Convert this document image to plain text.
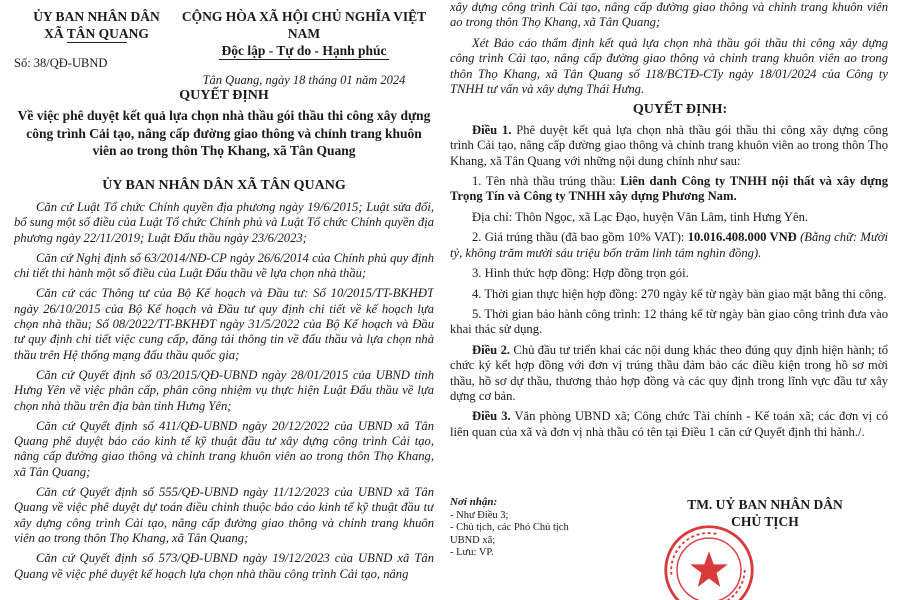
ỦY BAN NHÂN DÂN
XÃ TÂN QUANG
Số: 38/QĐ-UBND
CỘNG HÒA XÃ HỘI CHỦ NGHĨA VIỆT NAM
Độc lập - Tự do - Hạnh phúc
Tân Quang, ngày 18 tháng 01 năm 2024
QUYẾT ĐỊNH
Về việc phê duyệt kết quả lựa chọn nhà thầu gói thầu thi công xây dựng công trình Cải tạo, nâng cấp đường giao thông và chỉnh trang khuôn viên ao trong thôn Thọ Khang, xã Tân Quang
ỦY BAN NHÂN DÂN XÃ TÂN QUANG

Căn cứ Luật Tổ chức Chính quyền địa phương ngày 19/6/2015; Luật sửa đổi, bổ sung một số điều của Luật Tổ chức Chính phủ và Luật Tổ chức Chính quyền địa phương ngày 22/11/2019; Luật Đấu thầu ngày 23/6/2023;

Căn cứ Nghị định số 63/2014/NĐ-CP ngày 26/6/2014 của Chính phủ quy định chi tiết thi hành một số điều của Luật Đấu thầu về lựa chọn nhà thầu;

Căn cứ các Thông tư của Bộ Kế hoạch và Đầu tư: Số 10/2015/TT-BKHĐT ngày 26/10/2015 của Bộ Kế hoạch và Đầu tư quy định chi tiết về kế hoạch lựa chọn nhà thầu; Số 08/2022/TT-BKHĐT ngày 31/5/2022 của Bộ Kế hoạch và Đầu tư quy định chi tiết việc cung cấp, đăng tải thông tin về đấu thầu và lựa chọn nhà thầu trên Hệ thống mạng đấu thầu quốc gia;

Căn cứ Quyết định số 03/2015/QĐ-UBND ngày 28/01/2015 của UBND tỉnh Hưng Yên về việc phân cấp, phân công nhiệm vụ thực hiện Luật Đấu thầu về lựa chọn nhà thầu trên địa bàn tỉnh Hưng Yên;

Căn cứ Quyết định số 411/QĐ-UBND ngày 20/12/2022 của UBND xã Tân Quang phê duyệt báo cáo kinh tế kỹ thuật đầu tư xây dựng công trình Cải tạo, nâng cấp đường giao thông và chỉnh trang khuôn viên ao trong thôn Thọ Khang, xã Tân Quang;

Căn cứ Quyết định số 555/QĐ-UBND ngày 11/12/2023 của UBND xã Tân Quang về việc phê duyệt dự toán điều chỉnh thuộc báo cáo kinh tế kỹ thuật đầu tư xây dựng công trình Cải tạo, nâng cấp đường giao thông và chỉnh trang khuôn viên ao trong thôn Thọ Khang, xã Tân Quang;

Căn cứ Quyết định số 573/QĐ-UBND ngày 19/12/2023 của UBND xã Tân Quang về việc phê duyệt kế hoạch lựa chọn nhà thầu công trình Cải tạo, nâng

xây dựng công trình Cải tạo, nâng cấp đường giao thông và chỉnh trang khuôn viên ao trong thôn Thọ Khang, xã Tân Quang;

Xét Báo cáo thẩm định kết quả lựa chọn nhà thầu gói thầu thi công xây dựng công trình Cải tạo, nâng cấp đường giao thông và chỉnh trang khuôn viên ao trong thôn Thọ Khang, xã Tân Quang số 118/BCTĐ-CTy ngày 18/01/2024 của Công ty TNHH tư vấn và xây dựng Thái Hưng.

QUYẾT ĐỊNH:

Điều 1. Phê duyệt kết quả lựa chọn nhà thầu gói thầu thi công xây dựng công trình Cải tạo, nâng cấp đường giao thông và chỉnh trang khuôn viên ao trong thôn Thọ Khang, xã Tân Quang với những nội dung chính như sau:

1. Tên nhà thầu trúng thầu: Liên danh Công ty TNHH nội thất và xây dựng Trọng Tín và Công ty TNHH xây dựng Phương Nam.

Địa chỉ: Thôn Ngọc, xã Lạc Đạo, huyện Văn Lâm, tỉnh Hưng Yên.

2. Giá trúng thầu (đã bao gồm 10% VAT): 10.016.408.000 VNĐ (Bằng chữ: Mười tỷ, không trăm mười sáu triệu bốn trăm linh tám nghìn đồng).

3. Hình thức hợp đồng: Hợp đồng trọn gói.

4. Thời gian thực hiện hợp đồng: 270 ngày kể từ ngày bàn giao mặt bằng thi công.

5. Thời gian bảo hành công trình: 12 tháng kể từ ngày bàn giao công trình đưa vào khai thác sử dụng.

Điều 2. Chủ đầu tư triển khai các nội dung khác theo đúng quy định hiện hành; tổ chức ký kết hợp đồng với đơn vị trúng thầu đảm bảo các điều kiện trong hồ sơ mời thầu, hồ sơ dự thầu, thương thảo hợp đồng và các quy định trong lĩnh vực đầu tư xây dựng cơ bản.

Điều 3. Văn phòng UBND xã; Công chức Tài chính - Kế toán xã; các đơn vị có liên quan của xã và đơn vị nhà thầu có tên tại Điều 1 căn cứ Quyết định thi hành./.

Nơi nhận:
- Như Điều 3;
- Chủ tịch, các Phó Chủ tịch
UBND xã;
- Lưu: VP.
TM. UỶ BAN NHÂN DÂN
CHỦ TỊCH
